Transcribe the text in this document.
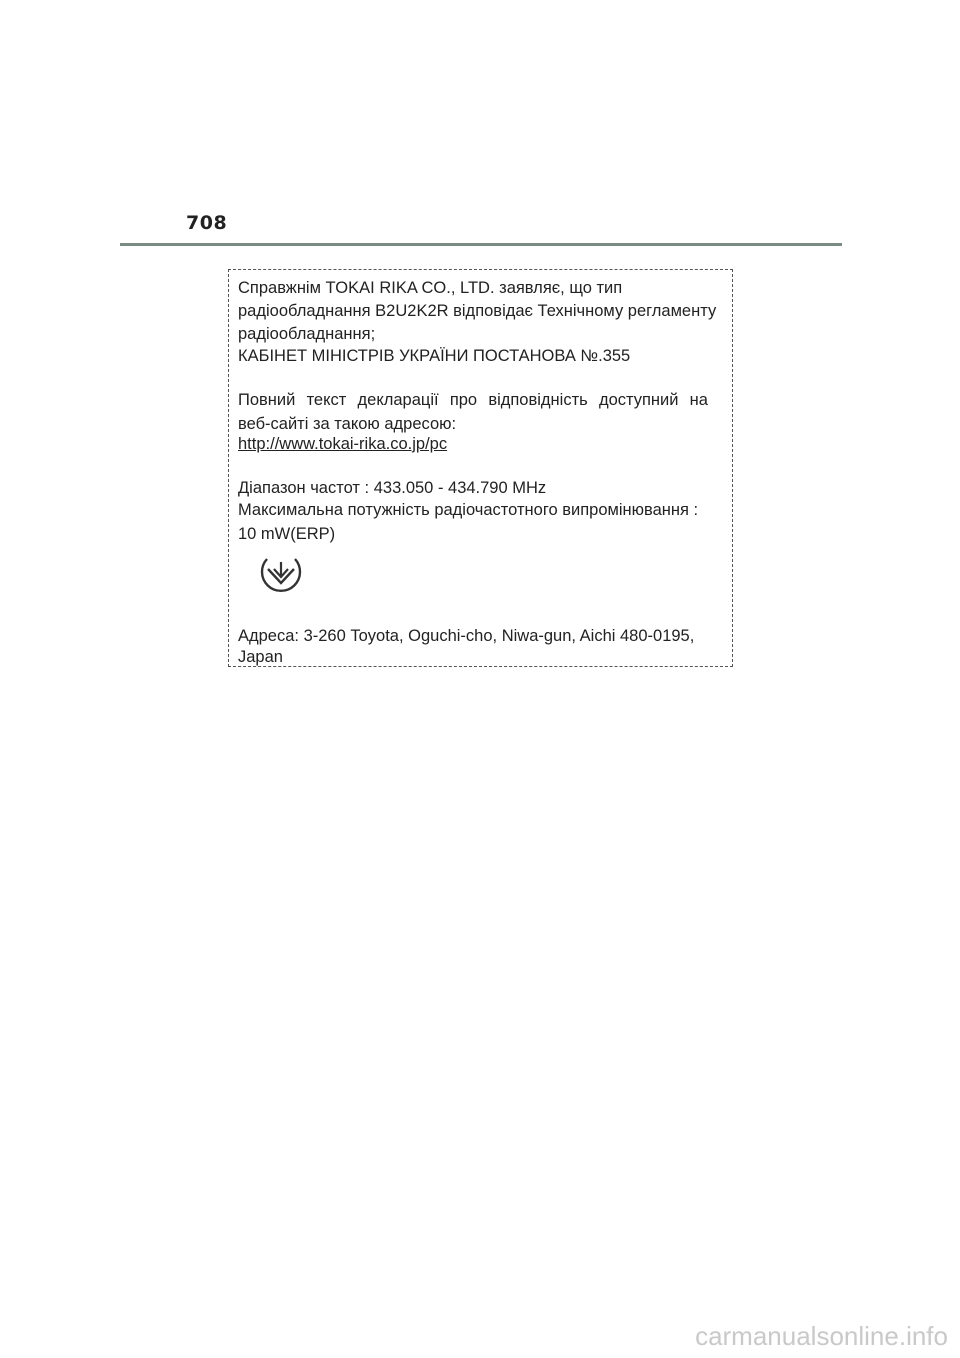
708
Справжнім TOKAI RIKA CO., LTD. заявляє, що тип
радіообладнання B2U2K2R відповідає Технічному регламенту
радіообладнання;
КАБІНЕТ МІНІСТРІВ УКРАЇНИ ПОСТАНОВА №.355
Повний текст декларації про відповідність доступний на
веб-сайті за такою адресою:
http://www.tokai-rika.co.jp/pc
Діапазон частот : 433.050 - 434.790 MHz
Максимальна потужність радіочастотного випромінювання :
10 mW(ERP)
Адреса: 3-260 Toyota, Oguchi-cho, Niwa-gun, Aichi 480-0195,
Japan
carmanualsonline.info
